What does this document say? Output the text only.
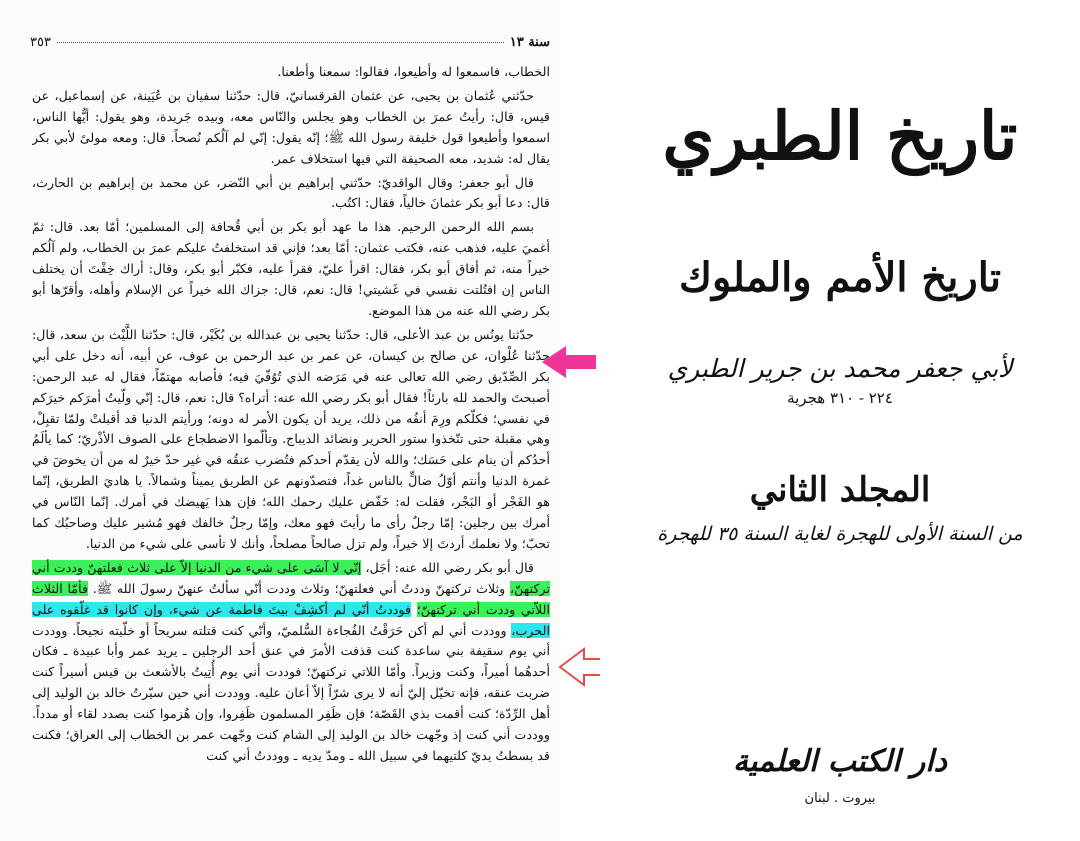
سنة ١٣
٣٥٣

الخطاب، فاسمعوا له وأطيعوا، فقالوا: سمعنا وأطعنا.

حدّثني عُثمان بن يحيى، عن عثمان القرقسانيّ، قال: حدّثنا سفيان بن عُيَينة، عن إسماعيل، عن قيس، قال: رأيتُ عمرَ بن الخطاب وهو يجلس والنّاس معه، وبيده جَريدة، وهو يقول: أيُّها الناس، اسمعوا وأطيعوا قول خليفة رسول الله ﷺ؛ إنّه يقول: إنّي لم آلُكم نُصحاً. قال: ومعه مولىً لأبي بكر يقال له: شديد، معه الصحيفة التي فيها استخلاف عمر.

قال أبو جعفر: وقال الواقديّ: حدّثني إبراهيم بن أبي النّضر، عن محمد بن إبراهيم بن الحارث، قال: دعا أبو بكر عثمانَ خالياً، فقال: اكتُب.

بسم الله الرحمن الرحيم. هذا ما عهد أبو بكر بن أبي قُحافة إلى المسلمين؛ أمّا بعد. قال: ثمّ أغميَ عليه، فذهب عنه، فكتب عثمان: أمّا بعد؛ فإني قد استخلفتُ عليكم عمرَ بن الخطاب، ولم آلُكم خيراً منه، ثم أفاق أبو بكر، فقال: اقرأ عليّ، فقرأ عليه، فكبّر أبو بكر، وقال: أراك خِفْتَ أن يختلف الناس إن افتُلتت نفسي في غَشيتي! قال: نعم، قال: جزاك الله خيراً عن الإسلام وأهله، وأقرّها أبو بكر رضي الله عنه من هذا الموضع.

حدّثنا يونُس بن عبد الأعلى، قال: حدّثنا يحيى بن عبدالله بن بُكَيْر، قال: حدّثنا اللَّيْث بن سعد، قال: حدّثنا عُلْوان، عن صالح بن كيسان، عن عمر بن عبد الرحمن بن عوف، عن أبيه، أنه دخل على أبي بكر الصِّدّيق رضي الله تعالى عنه في مَرَضه الذي تُوُفّيَ فيه؛ فأصابه مهتمّاً، فقال له عبد الرحمن: أصبحتَ والحمد لله بارئاً! فقال أبو بكر رضي الله عنه: أتراه؟ قال: نعم، قال: إنّي ولّيتُ أمرَكم خيرَكم في نفسي؛ فكلّكم ورِمَ أنفُه من ذلك، يريد أن يكون الأمر له دونه؛ ورأيتم الدنيا قد أقبلتْ ولمّا تقبِلْ، وهي مقبلة حتى تتّخذوا ستور الحرير ونضائد الديباج. وتألّموا الاضطجاع على الصوف الأذْريّ؛ كما يألَمُ أحدُكم أن ينام على حَسَك؛ والله لأن يقدّم أحدكم فتُضرب عنقُه في غير حدّ خيرٌ له من أن يخوضَ في غمرة الدنيا وأنتم أوّلُ ضالٍّ بالناس غداً، فتصدّونهم عن الطريق يميناً وشمالاً. يا هاديَ الطريق، إنّما هو الفَجْر أو البَجْر، فقلت له: خَفّض عليك رحمك الله؛ فإن هذا يَهيضك في أمرك. إنّما النّاس في أمرك بين رجلين: إمّا رجلٌ رأى ما رأيتَ فهو معك، وإمّا رجلٌ خالفك فهو مُشير عليك وصاحبُك كما تحبّ؛ ولا نعلمك أردتَ إلا خيراً، ولم تزل صالحاً مصلحاً، وأنك لا تأسى على شيء من الدنيا.

قال أبو بكر رضي الله عنه: أجَل، إنّي لا آسَى على شيء من الدنيا إلاّ على ثلاث فعلتهنّ وددت أني تركتهنّ، وثلاث تركتهنّ وددتُ أني فعلتهنّ؛ وثلاث وددت أنّي سألتُ عنهنّ رسولَ الله ﷺ. فأمّا الثلاث اللاّتي وددت أني تركتهنّ؛ فوددتُ أنّي لم أكشِفْ بيتَ فاطمة عن شيء، وإن كانوا قد غلّقوه على الحرب، ووددت أني لم أكن حَرَقْتُ الفُجاءة السُّلميّ، وأنّي كنت قتلته سريحاً أو خلّيته نجيحاً. ووددت أني يوم سقيفة بني ساعدة كنت قذفت الأمرَ في عنق أحد الرجلين ـ يريد عمر وأبا عبيدة ـ فكان أحدهُما أميراً، وكنت وزيراً. وأمّا اللاتي تركتهنّ؛ فوددت أني يوم أُتِيتُ بالأشعث بن قيس أسيراً كنت ضربت عنقه، فإنه تخيّل إليّ أنه لا يرى شرّاً إلاّ أعان عليه. ووددت أني حين سيّرتُ خالد بن الوليد إلى أهل الرِّدّة؛ كنت أقمت بذي القَصّة؛ فإن ظَفِر المسلمون ظَفِروا، وإن هُزموا كنت بصدد لقاء أو مدداً. ووددت أني كنت إذ وجّهت خالد بن الوليد إلى الشام كنت وجّهت عمر بن الخطاب إلى العراق؛ فكنت قد بسطتُ يديّ كلتيهما في سبيل الله ـ ومدّ يديه ـ ووددتُ أني كنت

تاريخ الطبري
تاريخ الأمم والملوك
لأبي جعفر محمد بن جرير الطبري
٢٢٤ - ٣١٠ هجرية
المجلد الثاني
من السنة الأولى للهجرة لغاية السنة ٣٥ للهجرة
دار الكتب العلمية
بيروت . لبنان
